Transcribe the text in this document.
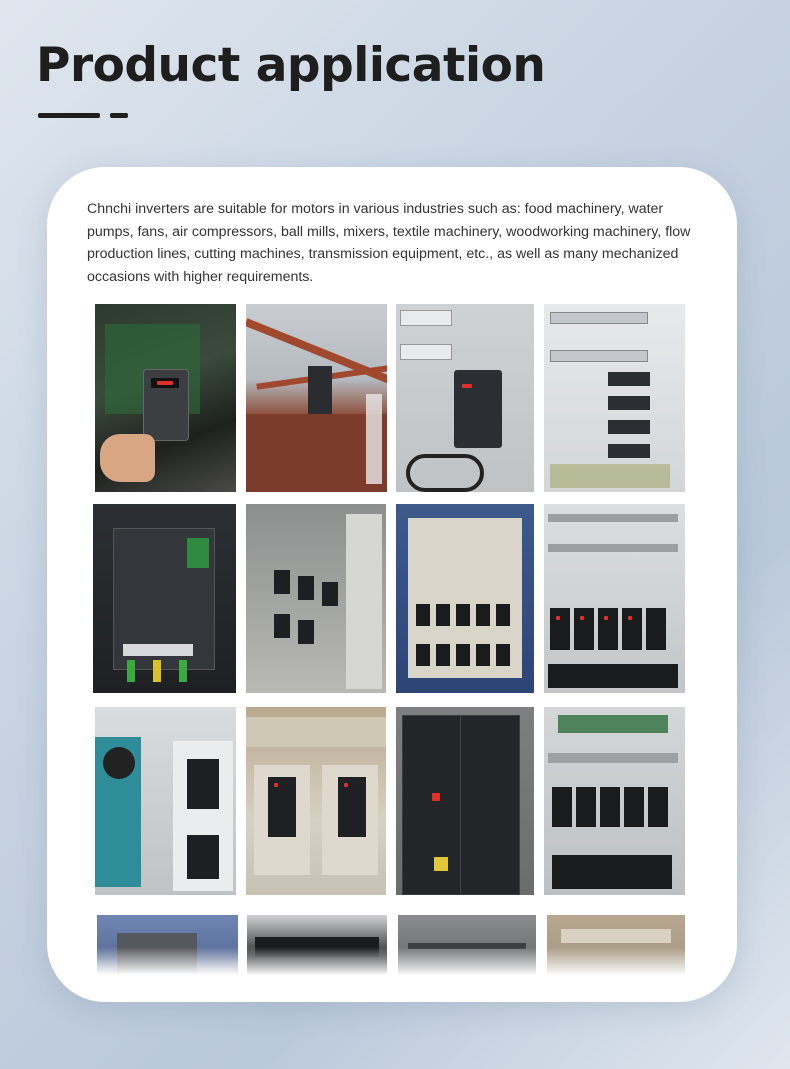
Product application

Chnchi inverters are suitable for motors in various industries such as: food machinery, water pumps, fans, air compressors, ball mills, mixers, textile machinery, woodworking machinery, flow production lines, cutting machines, transmission equipment, etc., as well as many mechanized occasions with higher requirements.
